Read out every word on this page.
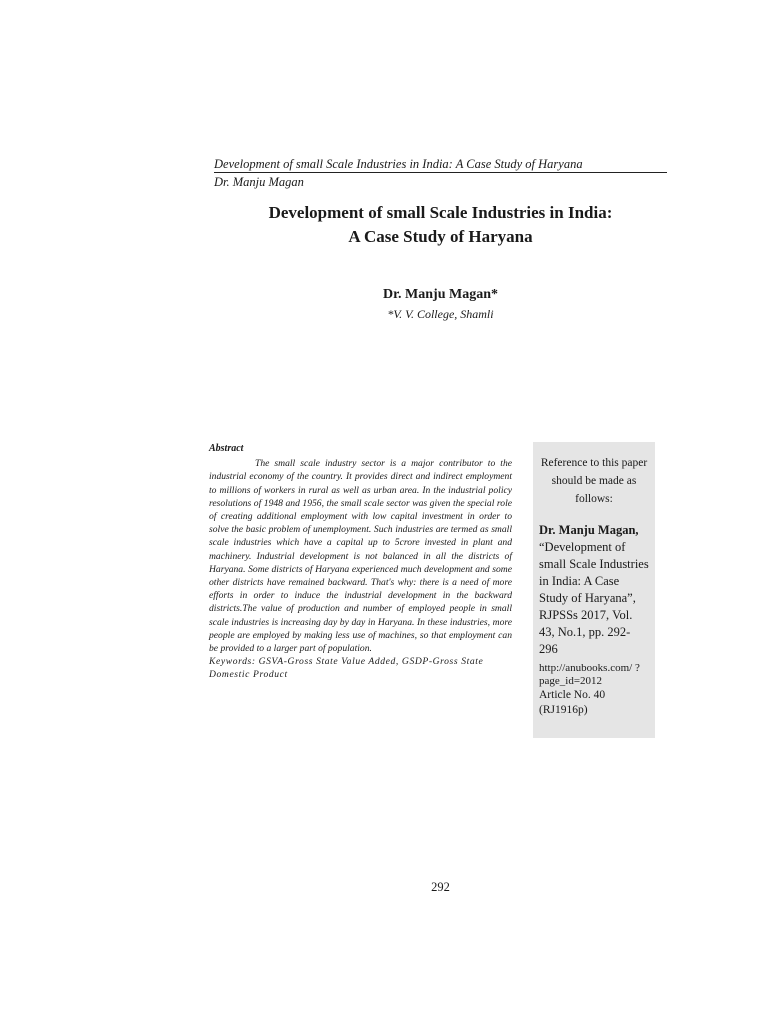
Development of small Scale Industries in India: A Case Study of Haryana
Dr. Manju Magan
Development of small Scale Industries in India:
A Case Study of Haryana
Dr. Manju Magan*
*V. V. College, Shamli
Abstract

The small scale industry sector is a major contributor to the industrial economy of the country. It provides direct and indirect employment to millions of workers in rural as well as urban area. In the industrial policy resolutions of 1948 and 1956, the small scale sector was given the special role of creating additional employment with low capital investment in order to solve the basic problem of unemployment. Such industries are termed as small scale industries which have a capital up to 5crore invested in plant and machinery. Industrial development is not balanced in all the districts of Haryana. Some districts of Haryana experienced much development and some other districts have remained backward. That's why: there is a need of more efforts in order to induce the industrial development in the backward districts.The value of production and number of employed people in small scale industries is increasing day by day in Haryana. In these industries, more people are employed by making less use of machines, so that employment can be provided to a larger part of population.

Keywords: GSVA-Gross State Value Added, GSDP-Gross State Domestic Product

Reference to this paper should be made as follows:

Dr. Manju Magan, “Development of small Scale Industries in India: A Case Study of Haryana”, RJPSSs 2017, Vol. 43, No.1, pp. 292-296

http://anubooks.com/ ?page_id=2012
Article No. 40
(RJ1916p)
292
